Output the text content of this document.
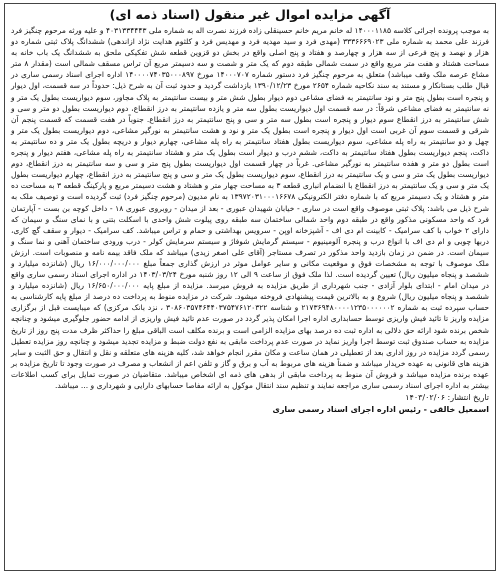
آگهی مزایده اموال غیر منقول (اسناد ذمه ای)

به موجب پرونده اجرائی کلاسه ۱۴۰۰۰۱۱۸۵ له خانم مریم خانم حسینقلی زاده فرزند نصرت اله به شماره ملی ۴۰۳۱۳۳۴۴۴۳ و علیه ورثه مرحوم چنگیز فرد فرزند علی محمد به شماره ملی ۳۳۳۶۶۶۹۰۲۳ (مهدی فرد و سید مهدیه فرد و مهدیس فرد و کلثوم هدایت نژاد ازاندهی) ششدانگ پلاک ثبتی شماره دو هزار و نهصد و پنج فرعی از سه هزار و چهارصد و هفتاد و پنج اصلی واقع در بخش دو قزوین قطعه شش تفکیکی ملحق به ششدانگ یک باب خانه به مساحت هشتاد و هفت متر مربع واقع در سمت شمالی طبقه دوم که یک متر و شصت و سه دسیمتر مربع آن تراس مسقف شمالی است (مقدار ۸ متر مشاع عرصه ملک وقف میباشد) متعلق به مرحوم چنگیز فرد دستور شماره ۱۴۰۰۰۷۰۷ مورخ ۱۴۰۰۰۰۷۴۰۳۵۰۰۰۸۹۷ اداره اجرای اسناد رسمی ساری در قبال طلب بستانکار و مستند به سند نکاحیه شماره ۲۶۵۴ مورخ ۱۳۹۰/۱۲/۲۳ بازداشت گردید و حدود ثبت آن به شرح ذیل: حدوداً در سه قسمت، اول دیوار و پنجره است بطول پنج متر و نود سانتیمتر به فضای مشاعی دوم دیوار بطول شش متر و بیست سانتیمتر به پلاک مجاور، سوم دیواریست بطول یک متر و نه سانتیمتر به فضای مشاعی شرقاً: در سه قسمت اول دیواریست بطول سه متر و یازده سانتیمتر به درز انقطاع، دوم دیواریست بطول دو متر و سی و شش سانتیمتر به درز انقطاع سوم دیوار و پنجره است بطول سه متر و سی و پنج سانتیمتر به درز انقطاع. جنوباً در هفت قسمت که قسمت پنجم آن شرقی و قسمت سوم آن غربی است اول دیوار و پنجره است بطول یک متر و نود و هشت سانتیمتر به نورگیر مشاعی، دوم دیواریست بطول یک متر و چهل و دو سانتیمتر به راه پله مشاعی، سوم دیواریست بطول هفتاد سانتیمتر به راه پله مشاعی، چهارم دیوار و دریچه بطول یک متر و ده سانتیمتر به داکت، پنجم دیواریست بطول هفتاد سانتیمتر به داکت، ششم درب و دیوار است بطول یک متر و هشتاد سانتیمتر به راه پله مشاعی، هفتم دیوار و پنجره است بطول دو متر و هفده سانتیمتر به نورگیر مشاعی. غرباً در چهار قسمت اول دیواریست بطول پنج متر و سی و سه سانتیمتر به درز انقطاع، دوم دیواریست بطول یک متر و سی و یک سانتیمتر به درز انقطاع، سوم دیواریست بطول یک متر و سی و پنج سانتیمتر به درز انقطاع، چهارم دیواریست بطول یک متر و سی و یک سانتیمتر به درز انقطاع با انضمام انباری قطعه ۳ به مساحت چهار متر و هشتاد و هشت دسیمتر مربع و پارکینگ قطعه ۳ به مساحت ده متر و هشتاد و یک دسیمتر مربع که با شماره دفتر الکترونیکی ۱۳۹۷۲۰۳۱۰۰۰۱۶۶۷۸ به نام مدیون (مرحوم چنگیز فرد) ثبت گردیده است و توصیف ملک به شرح ذیل می باشد: پلاک ثبتی موصوف واقع است در ساری - خیابان شهیدان عبوری - بعد از میدان - روبروی عبوری ۱۸ - داخل کوچه بن بست - آپارتمان فرد که واحد مسکونی مذکور واقع در طبقه دوم واحد شمالی ساختمان سه طبقه روی پیلوت شش واحدی با اسکلت بتنی و با نمای سنگ و سیمان که دارای ۲ خواب با کف سرامیک - کابینت ام دی اف - آشپزخانه اوپن - سرویس بهداشتی و حمام و تراس میباشد. کف سرامیک - دیوار و سقف گچ کاری، دربها چوبی و ام دی اف با انواع درب و پنجره آلومینیوم - سیستم گرمایش شوفاژ و سیستم سرمایش کولر - درب ورودی ساختمان آهنی و نما سنگ و سیمان است. در ضمن در زمان بازدید واحد مذکور در تصرف مستاجر (آقای علی اصغر زیدی) میباشد که ملک فاقد بیمه نامه و منصوبات است. ارزش ملک موصوف با توجه به مشخصات فوق و موقعیت مکانی و سایر عوامل موثر در ارزش گذاری جمعاً مبلغ ۱۶/۰۰۰/۰۰۰/۰۰۰ ریال (شانزده میلیارد و ششصد و پنجاه میلیون ریال) تعیین گردیده است. لذا ملک فوق از ساعت ۹ الی ۱۲ روز شنبه مورخ ۱۴۰۳/۰۳/۲۴ در اداره اجرای اسناد رسمی ساری واقع در میدان امام - ابتدای بلوار آزادی - جنب شهرداری از طریق مزایده به فروش میرسد. مزایده از مبلغ پایه ۱۶/۶۵۰/۰۰۰/۰۰۰ ریال (شانزده میلیارد و ششصد و پنجاه میلیون ریال) شروع و به بالاترین قیمت پیشنهادی فروخته میشود. شرکت در مزایده منوط به پرداخت ده درصد از مبلغ پایه کارشناسی به حساب سپرده ثبت به شماره ۲۱۷۳۶۹۴۸۰۰۰۰۱۲۳۵۰۰۰۰۰۰۲ و شناسه ۳۰۸۶۰۳۵۷۴۶۴۴۰۳۷۵۴۷۶۱۲۰۳۲۲ ، نزد بانک مرکزی) که میبایست قبل از برگزاری مزایده واریز تا تائید فیش واریزی توسط حسابداری اداره اجرا امکان پذیر گردد در صورت عدم تائید فیش واریزی از ادامه حضور جلوگیری میشود و چنانچه شخص برنده شود ارائه حق دلالی به اداره ثبت ده درصد بهای مزایده الزامی است و برنده مکلف است الباقی مبلغ را حداکثر ظرف مدت پنج روز از تاریخ مزایده به حساب صندوق ثبت توسط اجرا واریز نماید در صورت عدم پرداخت مابقی به نفع دولت ضبط و مزایده تجدید میشود و چنانچه روز مزایده تعطیل رسمی گردد مزایده در روز اداری بعد از تعطیلی در همان ساعت و مکان مقرر انجام خواهد شد، کلیه هزینه های متعلقه و نقل و انتقال و حق الثبت و سایر هزینه های قانونی به عهده خریدار میباشد و ضمناً هزینه های مربوط به آب و برق و گاز و تلفن اعم از انشعاب و مصرف در صورت وجود تا تاریخ مزایده بر عهده برنده مزایده میباشد و فروش آن منوط به پرداخت مابقی از بدهی های ذمه ای اشخاص میباشد. متقاضیان در صورت تمایل برای کسب اطلاعات بیشتر به اداره اجرای اسناد رسمی ساری مراجعه نمایند و تنظیم سند انتقال موکول به ارائه مفاصا حسابهای دارایی و شهرداری و ... میباشد.

تاریخ انتشار: ۱۴۰۳/۰۲/۰۶
اسمعیل خالقی - رئیس اداره اجرای اسناد رسمی ساری
